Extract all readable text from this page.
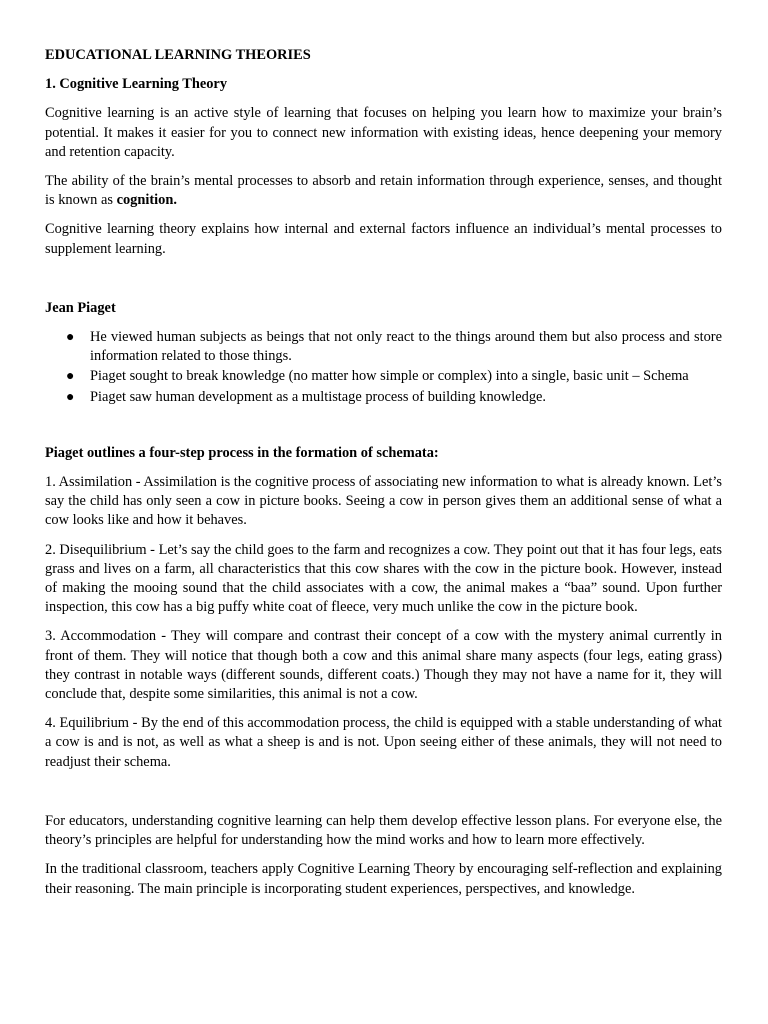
EDUCATIONAL LEARNING THEORIES

1. Cognitive Learning Theory

Cognitive learning is an active style of learning that focuses on helping you learn how to maximize your brain’s potential. It makes it easier for you to connect new information with existing ideas, hence deepening your memory and retention capacity.

The ability of the brain’s mental processes to absorb and retain information through experience, senses, and thought is known as cognition.

Cognitive learning theory explains how internal and external factors influence an individual’s mental processes to supplement learning.

Jean Piaget

● He viewed human subjects as beings that not only react to the things around them but also process and store information related to those things.
● Piaget sought to break knowledge (no matter how simple or complex) into a single, basic unit – Schema
● Piaget saw human development as a multistage process of building knowledge.

Piaget outlines a four-step process in the formation of schemata:

1. Assimilation - Assimilation is the cognitive process of associating new information to what is already known. Let’s say the child has only seen a cow in picture books. Seeing a cow in person gives them an additional sense of what a cow looks like and how it behaves.

2. Disequilibrium - Let’s say the child goes to the farm and recognizes a cow. They point out that it has four legs, eats grass and lives on a farm, all characteristics that this cow shares with the cow in the picture book. However, instead of making the mooing sound that the child associates with a cow, the animal makes a “baa” sound. Upon further inspection, this cow has a big puffy white coat of fleece, very much unlike the cow in the picture book.

3. Accommodation - They will compare and contrast their concept of a cow with the mystery animal currently in front of them. They will notice that though both a cow and this animal share many aspects (four legs, eating grass) they contrast in notable ways (different sounds, different coats.) Though they may not have a name for it, they will conclude that, despite some similarities, this animal is not a cow.

4. Equilibrium - By the end of this accommodation process, the child is equipped with a stable understanding of what a cow is and is not, as well as what a sheep is and is not. Upon seeing either of these animals, they will not need to readjust their schema.

For educators, understanding cognitive learning can help them develop effective lesson plans. For everyone else, the theory’s principles are helpful for understanding how the mind works and how to learn more effectively.

In the traditional classroom, teachers apply Cognitive Learning Theory by encouraging self-reflection and explaining their reasoning. The main principle is incorporating student experiences, perspectives, and knowledge.
